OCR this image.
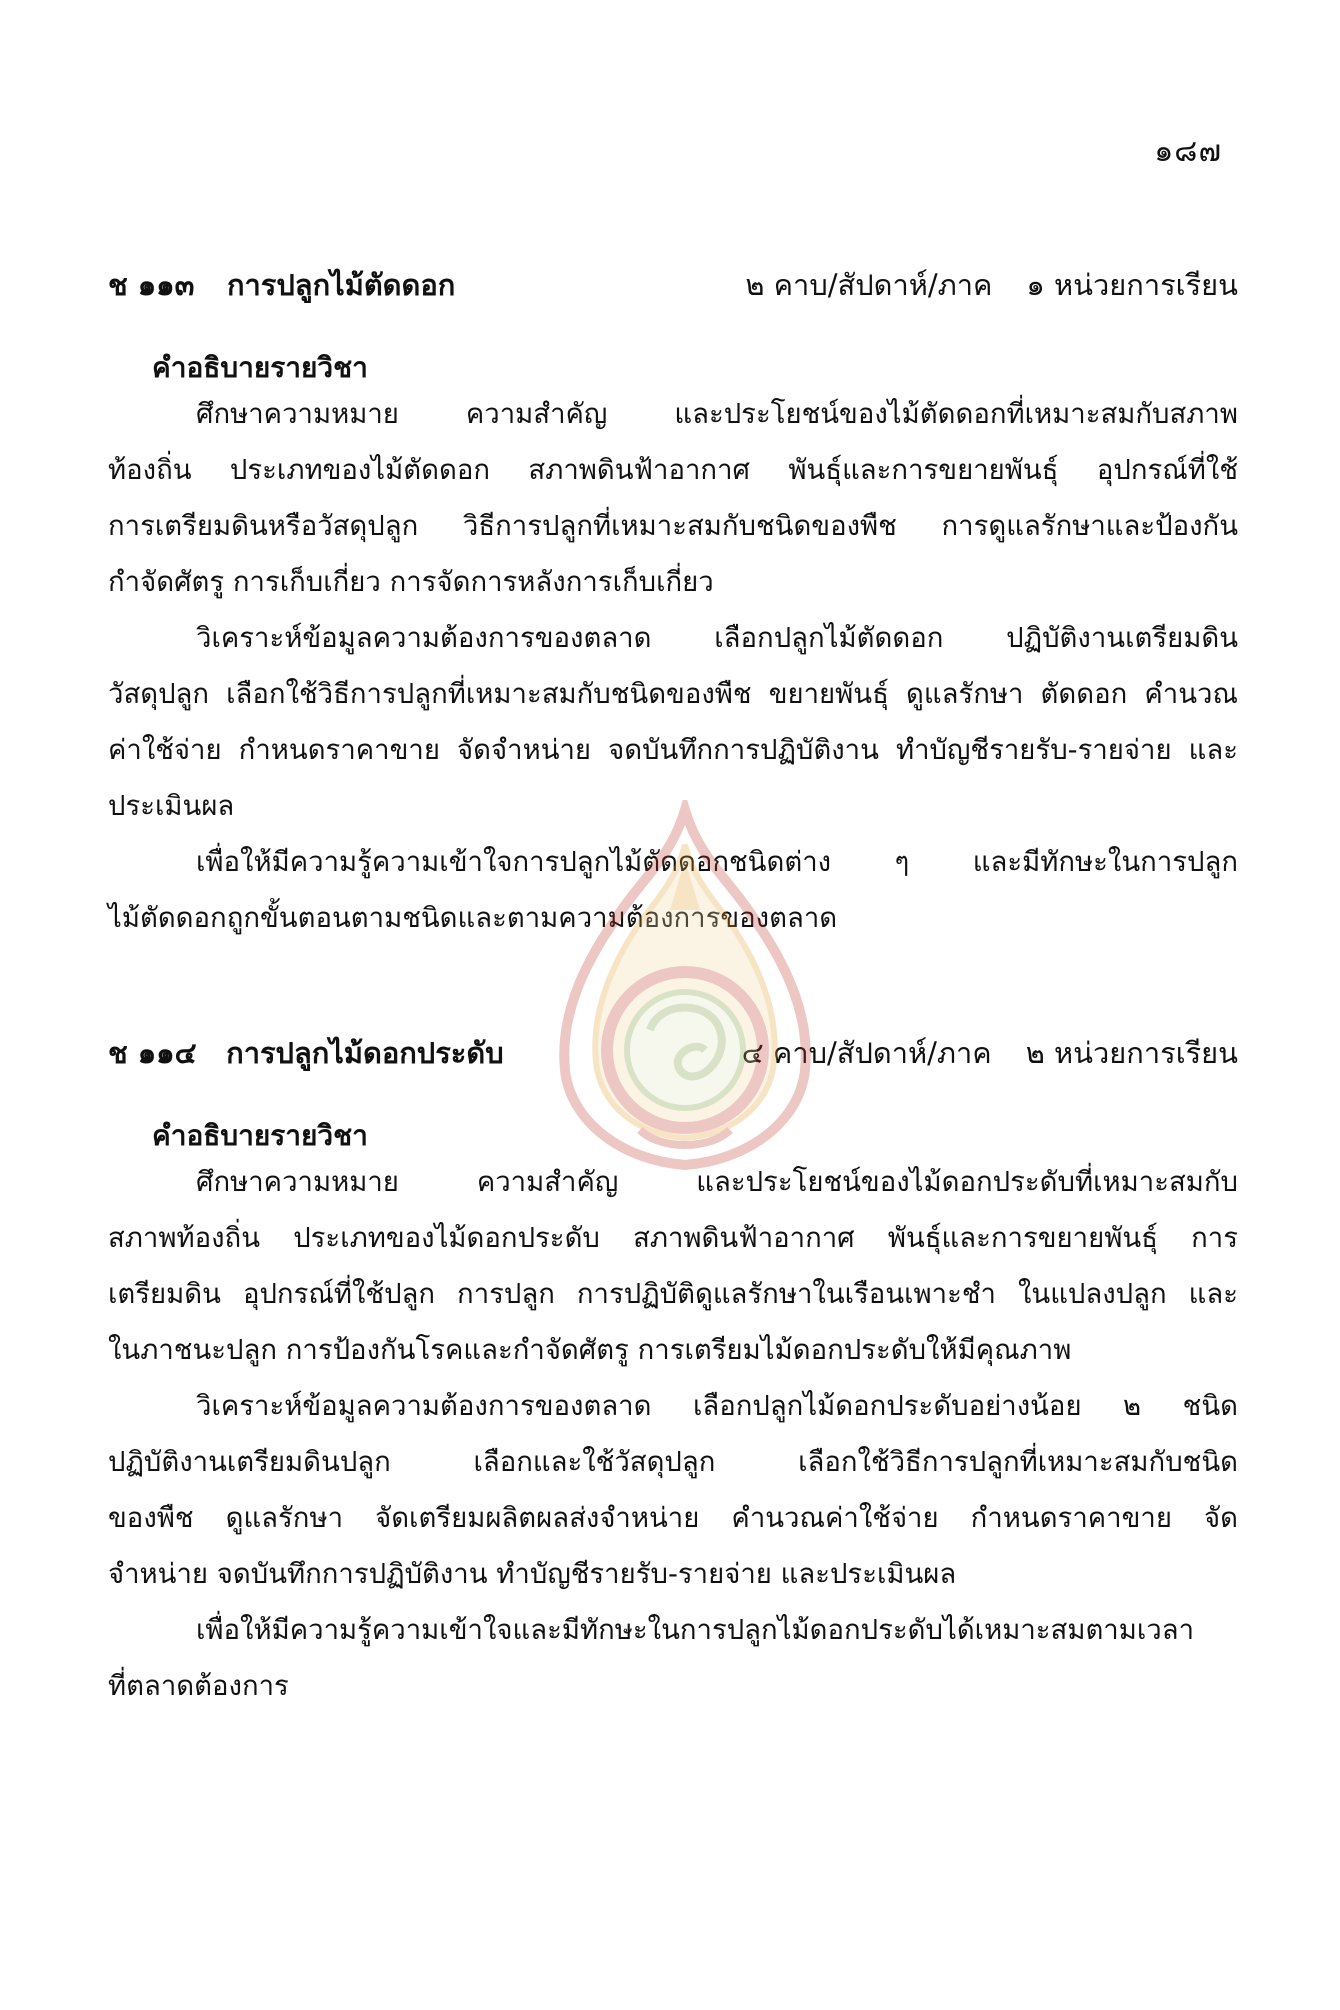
๑๘๗
ช ๑๑๓	การปลูกไม้ตัดดอก	๒ คาบ/สัปดาห์/ภาค ๑ หน่วยการเรียน
คำอธิบายรายวิชา
ศึกษาความหมาย ความสำคัญ และประโยชน์ของไม้ตัดดอกที่เหมาะสมกับสภาพ
ท้องถิ่น ประเภทของไม้ตัดดอก สภาพดินฟ้าอากาศ พันธุ์และการขยายพันธุ์ อุปกรณ์ที่ใช้
การเตรียมดินหรือวัสดุปลูก วิธีการปลูกที่เหมาะสมกับชนิดของพืช การดูแลรักษาและป้องกัน
กำจัดศัตรู การเก็บเกี่ยว การจัดการหลังการเก็บเกี่ยว
วิเคราะห์ข้อมูลความต้องการของตลาด เลือกปลูกไม้ตัดดอก ปฏิบัติงานเตรียมดิน
วัสดุปลูก เลือกใช้วิธีการปลูกที่เหมาะสมกับชนิดของพืช ขยายพันธุ์ ดูแลรักษา ตัดดอก คำนวณ
ค่าใช้จ่าย กำหนดราคาขาย จัดจำหน่าย จดบันทึกการปฏิบัติงาน ทำบัญชีรายรับ-รายจ่าย และ
ประเมินผล
เพื่อให้มีความรู้ความเข้าใจการปลูกไม้ตัดดอกชนิดต่าง ๆ และมีทักษะในการปลูก
ไม้ตัดดอกถูกขั้นตอนตามชนิดและตามความต้องการของตลาด
ช ๑๑๔	การปลูกไม้ดอกประดับ	๔ คาบ/สัปดาห์/ภาค ๒ หน่วยการเรียน
คำอธิบายรายวิชา
ศึกษาความหมาย ความสำคัญ และประโยชน์ของไม้ดอกประดับที่เหมาะสมกับ
สภาพท้องถิ่น ประเภทของไม้ดอกประดับ สภาพดินฟ้าอากาศ พันธุ์และการขยายพันธุ์ การ
เตรียมดิน อุปกรณ์ที่ใช้ปลูก การปลูก การปฏิบัติดูแลรักษาในเรือนเพาะชำ ในแปลงปลูก และ
ในภาชนะปลูก การป้องกันโรคและกำจัดศัตรู การเตรียมไม้ดอกประดับให้มีคุณภาพ
วิเคราะห์ข้อมูลความต้องการของตลาด เลือกปลูกไม้ดอกประดับอย่างน้อย ๒ ชนิด
ปฏิบัติงานเตรียมดินปลูก เลือกและใช้วัสดุปลูก เลือกใช้วิธีการปลูกที่เหมาะสมกับชนิด
ของพืช ดูแลรักษา จัดเตรียมผลิตผลส่งจำหน่าย คำนวณค่าใช้จ่าย กำหนดราคาขาย จัด
จำหน่าย จดบันทึกการปฏิบัติงาน ทำบัญชีรายรับ-รายจ่าย และประเมินผล
เพื่อให้มีความรู้ความเข้าใจและมีทักษะในการปลูกไม้ดอกประดับได้เหมาะสมตามเวลา
ที่ตลาดต้องการ
